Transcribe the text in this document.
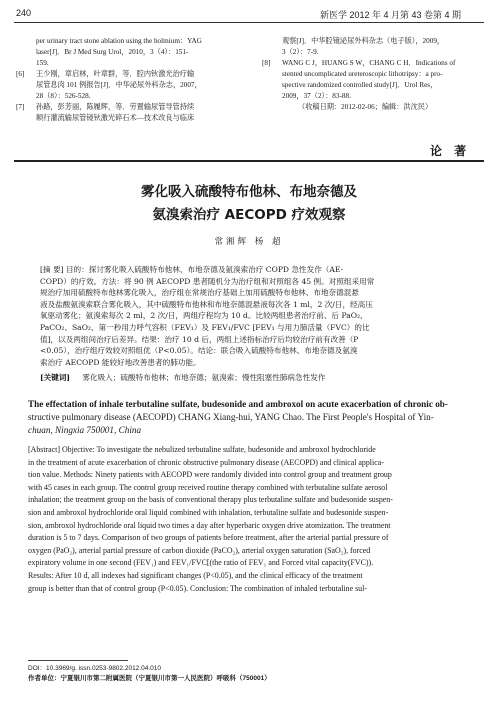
240	新医学 2012 年 4 月第 43 卷第 4 期
per urinary tract stone ablation using the holmium：YAG
laser[J]．Br J Med Surg Urol，2010，3（4）：151-
159.
[6] 王少刚，章启林，叶章群，等．腔内钬激光治疗输
尿管息肉 101 例报告[J]．中华泌尿外科杂志，2007，
28（8）：526-528.
[7] 孙路，彭芳丽，陈履辉，等．劳置输尿管导管持续
顺行灌流输尿管镜钬激光碎石术—技术改良与临床
观察[J]．中华腔镜泌尿外科杂志（电子版），2009，
3（2）：7-9.
[8] WANG C J，HUANG S W，CHANG C H．Indications of
stented uncomplicated ureteroscopic lithotripsy：a pro-
spective randomized controlled study[J]．Urol Res，
2009，37（2）：83-88.
（收稿日期：2012-02-06；编辑：洪沈民）
论 著
雾化吸入硫酸特布他林、布地奈德及
氨溴索治疗 AECOPD 疗效观察
常湘辉 杨 超
[摘 要] 目的：探讨雾化吸入硫酸特布他林、布地奈德及氨溴索治疗 COPD 急性发作（AE-
COPD）的疗效。方法：将 90 例 AECOPD 患者随机分为治疗组和对照组各 45 例。对照组采用常
规治疗加用硫酸特布他林雾化吸入，治疗组在常规治疗基础上加用硫酸特布他林、布地奈德混悬
液及盐酸氨溴索联合雾化吸入，其中硫酸特布他林和布地奈德混悬液每次各 1 ml，2 次/日，经高压
氧驱动雾化；氨溴索每次 2 ml，2 次/日，两组疗程均为 10 d。比较两组患者治疗前、后 PaO₂、
PaCO₂、SaO₂、第一秒用力呼气容积（FEV₁）及 FEV₁/FVC [FEV₁ 与用力肺活量（FVC）的比
值]，以及两组间治疗后差异。结果：治疗 10 d 后，两组上述指标治疗后均较治疗前有改善（P
<0.05），治疗组疗效较对照组优（P<0.05）。结论：联合吸入硫酸特布他林、布地奈德及氨溴
索治疗 AECOPD 能较好地改善患者的肺功能。
[关键词] 雾化吸入；硫酸特布他林；布地奈德；氨溴索；慢性阻塞性肺病急性发作
The effectation of inhale terbutaline sulfate, budesonide and ambroxol on acute exacerbation of chronic ob-
structive pulmonary disease (AECOPD) CHANG Xiang-hui, YANG Chao. The First People's Hospital of Yin-
chuan, Ningxia 750001, China
[Abstract] Objective: To investigate the nebulized terbutaline sulfate, budesonide and ambroxol hydrochloride
in the treatment of acute exacerbation of chronic obstructive pulmonary disease (AECOPD) and clinical applica-
tion value. Methods: Ninety patients with AECOPD were randomly divided into control group and treatment group
with 45 cases in each group. The control group received routine therapy combined with terbutaline sulfate aerosol
inhalation; the treatment group on the basis of conventional therapy plus terbutaline sulfate and budesonide suspen-
sion and ambroxol hydrochloride oral liquid combined with inhalation, terbutaline sulfate and budesonide suspen-
sion, ambroxol hydrochloride oral liquid two times a day after hyperbaric oxygen drive atomization. The treatment
duration is 5 to 7 days. Comparison of two groups of patients before treatment, after the arterial partial pressure of
oxygen (PaO₂), arterial partial pressure of carbon dioxide (PaCO₂), arterial oxygen saturation (SaO₂), forced
expiratory volume in one second (FEV₁) and FEV₁/FVC[(the ratio of FEV₁ and Forced vital capacity(FVC)).
Results: After 10 d, all indexes had significant changes (P<0.05), and the clinical efficacy of the treatment
group is better than that of control group (P<0.05). Conclusion: The combination of inhaled terbutaline sul-
DOI：10.3969/g. issn.0253-9802.2012.04.010
作者单位：宁夏银川市第二附属医院（宁夏银川市第一人民医院）呼吸科（750001）
